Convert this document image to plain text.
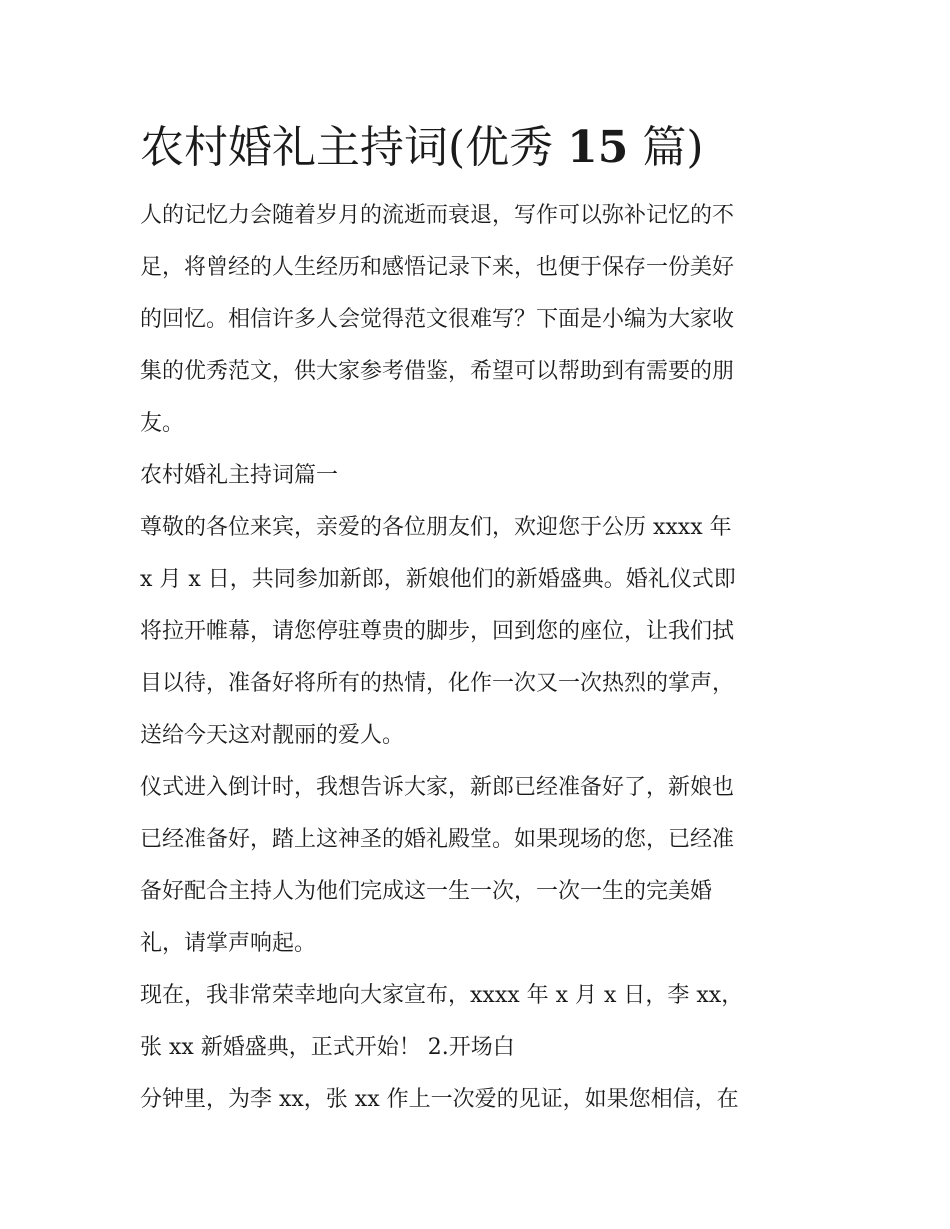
农村婚礼主持词(优秀 15 篇)

人的记忆力会随着岁月的流逝而衰退，写作可以弥补记忆的不
足，将曾经的人生经历和感悟记录下来，也便于保存一份美好
的回忆。相信许多人会觉得范文很难写？下面是小编为大家收
集的优秀范文，供大家参考借鉴，希望可以帮助到有需要的朋
友。

农村婚礼主持词篇一

尊敬的各位来宾，亲爱的各位朋友们，欢迎您于公历 xxxx 年
x 月 x 日，共同参加新郎，新娘他们的新婚盛典。婚礼仪式即
将拉开帷幕，请您停驻尊贵的脚步，回到您的座位，让我们拭
目以待，准备好将所有的热情，化作一次又一次热烈的掌声，
送给今天这对靓丽的爱人。

仪式进入倒计时，我想告诉大家，新郎已经准备好了，新娘也
已经准备好，踏上这神圣的婚礼殿堂。如果现场的您，已经准
备好配合主持人为他们完成这一生一次，一次一生的完美婚
礼，请掌声响起。

现在，我非常荣幸地向大家宣布，xxxx 年 x 月 x 日，李 xx，
张 xx 新婚盛典，正式开始！ 2.开场白

分钟里，为李 xx，张 xx 作上一次爱的见证，如果您相信，在
